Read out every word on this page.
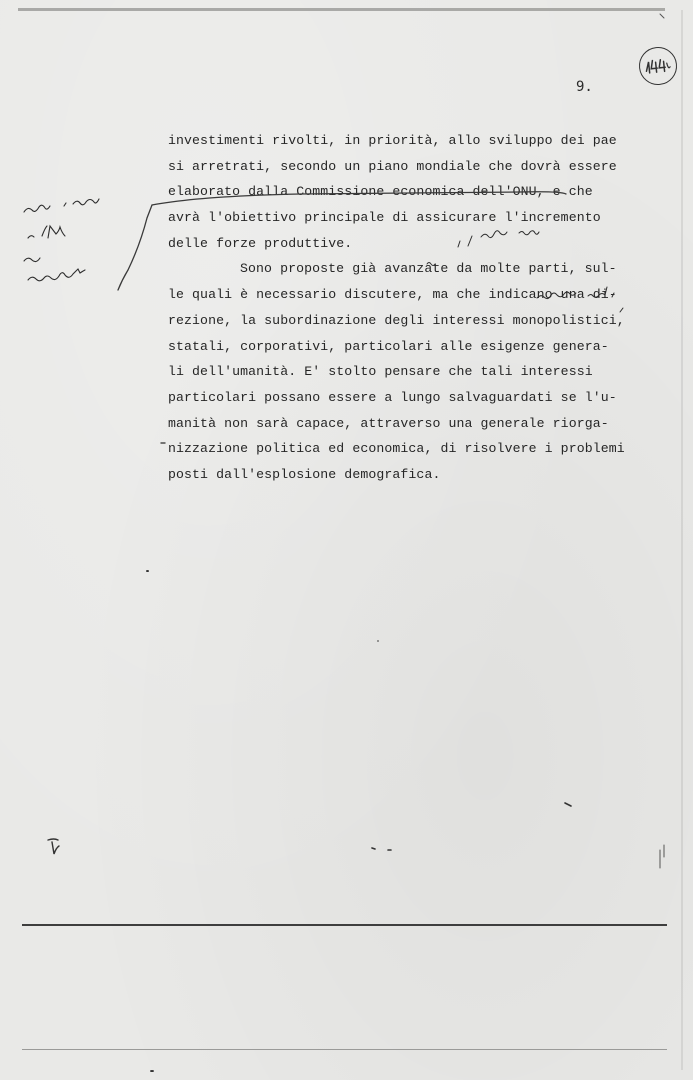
9.
investimenti rivolti, in priorità, allo sviluppo dei pae
si arretrati, secondo un piano mondiale che dovrà essere
elaborato dalla Commissione economica dell'ONU, e che
avrà l'obiettivo principale di assicurare l'incremento
delle forze produttive.
Sono proposte già avanzate da molte parti, sul-
le quali è necessario discutere, ma che indicano una di-
rezione, la subordinazione degli interessi monopolistici,
statali, corporativi, particolari alle esigenze genera-
li dell'umanità. E' stolto pensare che tali interessi
particolari possano essere a lungo salvaguardati se l'u-
manità non sarà capace, attraverso una generale riorga-
nizzazione politica ed economica, di risolvere i problemi
posti dall'esplosione demografica.
